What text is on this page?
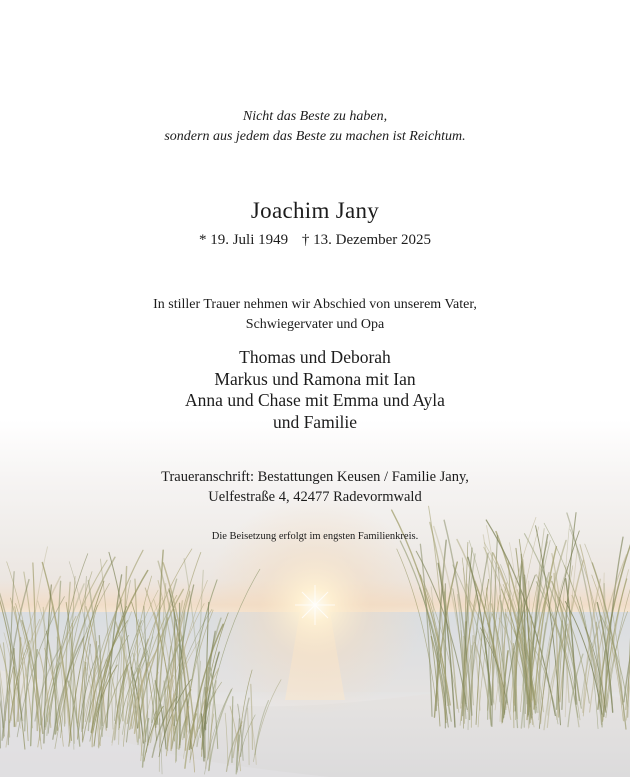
Nicht das Beste zu haben,
sondern aus jedem das Beste zu machen ist Reichtum.
Joachim Jany
* 19. Juli 1949 † 13. Dezember 2025
In stiller Trauer nehmen wir Abschied von unserem Vater,
Schwiegervater und Opa
Thomas und Deborah
Markus und Ramona mit Ian
Anna und Chase mit Emma und Ayla
und Familie
Traueranschrift: Bestattungen Keusen / Familie Jany,
Uelfestraße 4, 42477 Radevormwald
Die Beisetzung erfolgt im engsten Familienkreis.
